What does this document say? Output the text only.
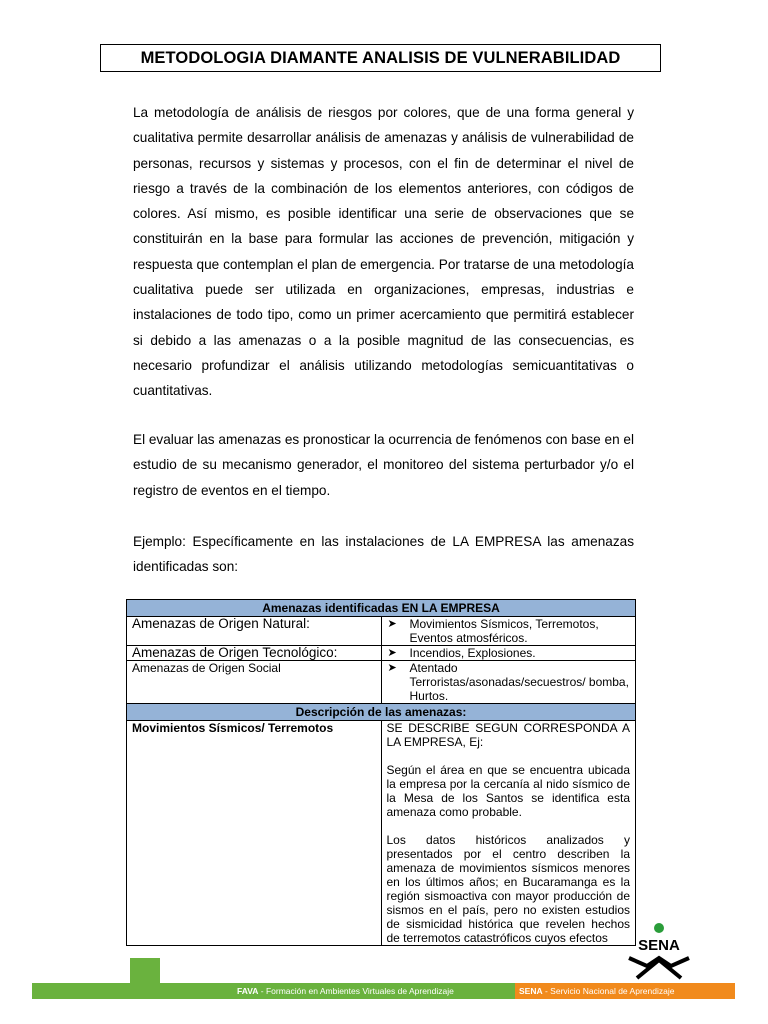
METODOLOGIA DIAMANTE ANALISIS DE VULNERABILIDAD

La metodología de análisis de riesgos por colores, que de una forma general y cualitativa permite desarrollar análisis de amenazas y análisis de vulnerabilidad de personas, recursos y sistemas y procesos, con el fin de determinar el nivel de riesgo a través de la combinación de los elementos anteriores, con códigos de colores. Así mismo, es posible identificar una serie de observaciones que se constituirán en la base para formular las acciones de prevención, mitigación y respuesta que contemplan el plan de emergencia. Por tratarse de una metodología cualitativa puede ser utilizada en organizaciones, empresas, industrias e instalaciones de todo tipo, como un primer acercamiento que permitirá establecer si debido a las amenazas o a la posible magnitud de las consecuencias, es necesario profundizar el análisis utilizando metodologías semicuantitativas o cuantitativas.

El evaluar las amenazas es pronosticar la ocurrencia de fenómenos con base en el estudio de su mecanismo generador, el monitoreo del sistema perturbador y/o el registro de eventos en el tiempo.

Ejemplo: Específicamente en las instalaciones de LA EMPRESA las amenazas identificadas son:

Amenazas identificadas EN LA EMPRESA	
Amenazas de Origen Natural:	➤ Movimientos Sísmicos, Terremotos, Eventos atmosféricos.
Amenazas de Origen Tecnológico:	➤ Incendios, Explosiones.
Amenazas de Origen Social	➤ Atentado Terroristas/asonadas/secuestros/ bomba, Hurtos.
Descripción de las amenazas:	
Movimientos Sísmicos/ Terremotos	SE DESCRIBE SEGUN CORRESPONDA A LA EMPRESA, Ej:

Según el área en que se encuentra ubicada la empresa por la cercanía al nido sísmico de la Mesa de los Santos se identifica esta amenaza como probable.

Los datos históricos analizados y presentados por el centro describen la amenaza de movimientos sísmicos menores en los últimos años; en Bucaramanga es la región sismoactiva con mayor producción de sismos en el país, pero no existen estudios de sismicidad histórica que revelen hechos de terremotos catastróficos cuyos efectos	SENA
FAVA - Formación en Ambientes Virtuales de Aprendizaje	SENA - Servicio Nacional de Aprendizaje
